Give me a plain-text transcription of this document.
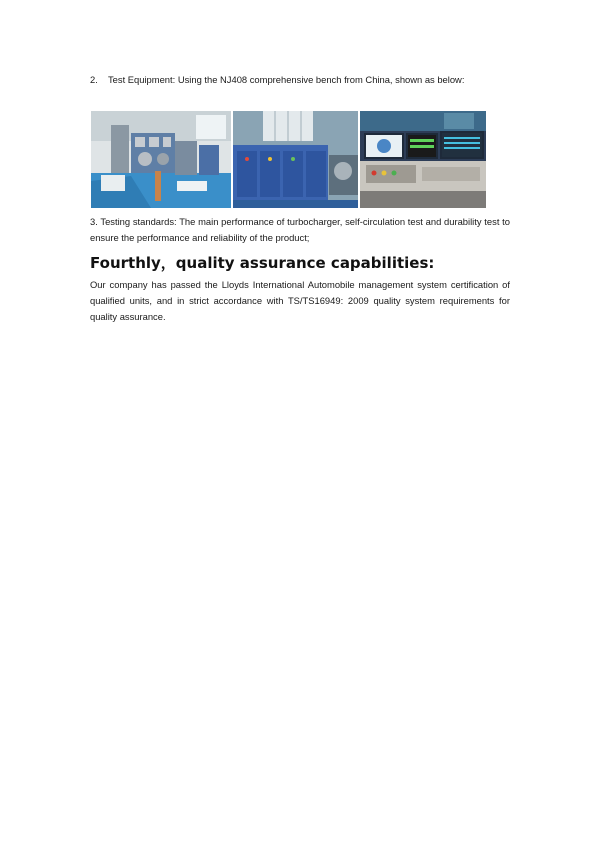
2. Test Equipment: Using the NJ408 comprehensive bench from China, shown as below:
3. Testing standards: The main performance of turbocharger, self-circulation test and durability test to ensure the performance and reliability of the product;
Fourthly，quality assurance capabilities:
Our company has passed the Lloyds International Automobile management system certification of qualified units, and in strict accordance with TS/TS16949: 2009 quality system requirements for quality assurance.
